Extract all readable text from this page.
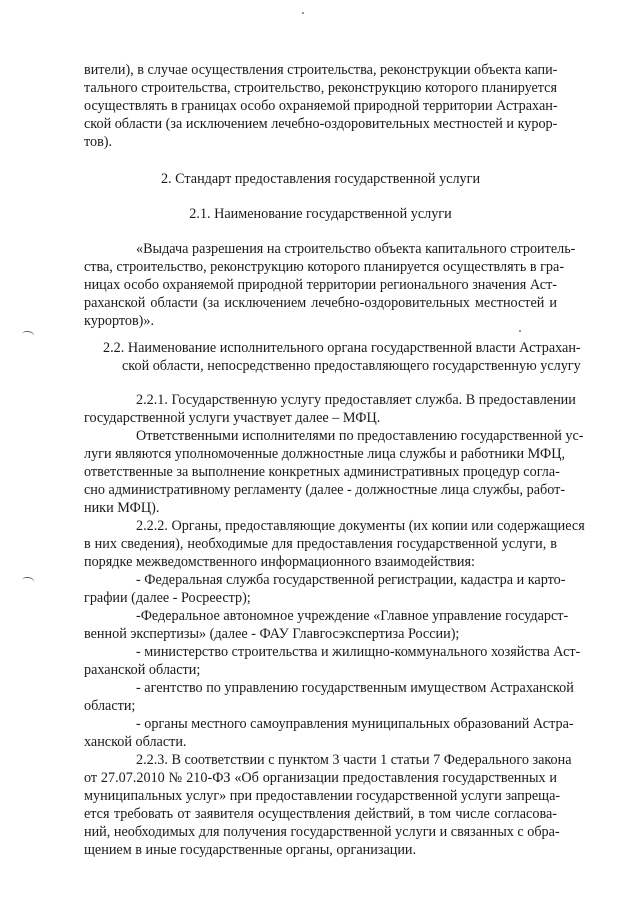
вители), в случае осуществления строительства, реконструкции объекта капи-
тального строительства, строительство, реконструкцию которого планируется
осуществлять в границах особо охраняемой природной территории Астрахан-
ской области (за исключением лечебно-оздоровительных местностей и курор-
тов).
2. Стандарт предоставления государственной услуги
2.1. Наименование государственной услуги
«Выдача разрешения на строительство объекта капитального строитель-
ства, строительство, реконструкцию которого планируется осуществлять в гра-
ницах особо охраняемой природной территории регионального значения Аст-
раханской области (за исключением лечебно-оздоровительных местностей и
курортов)».
2.2. Наименование исполнительного органа государственной власти Астрахан-
ской области, непосредственно предоставляющего государственную услугу
2.2.1. Государственную услугу предоставляет служба. В предоставлении
государственной услуги участвует далее – МФЦ.
Ответственными исполнителями по предоставлению государственной ус-
луги являются уполномоченные должностные лица службы и работники МФЦ,
ответственные за выполнение конкретных административных процедур согла-
сно административному регламенту (далее - должностные лица службы, работ-
ники МФЦ).
2.2.2. Органы, предоставляющие документы (их копии или содержащиеся
в них сведения), необходимые для предоставления государственной услуги, в
порядке межведомственного информационного взаимодействия:
- Федеральная служба государственной регистрации, кадастра и карто-
графии (далее - Росреестр);
-Федеральное автономное учреждение «Главное управление государст-
венной экспертизы» (далее - ФАУ Главгосэкспертиза России);
- министерство строительства и жилищно-коммунального хозяйства Аст-
раханской области;
- агентство по управлению государственным имуществом Астраханской
области;
- органы местного самоуправления муниципальных образований Астра-
ханской области.
2.2.3. В соответствии с пунктом 3 части 1 статьи 7 Федерального закона
от 27.07.2010 № 210-ФЗ «Об организации предоставления государственных и
муниципальных услуг» при предоставлении государственной услуги запреща-
ется требовать от заявителя осуществления действий, в том числе согласова-
ний, необходимых для получения государственной услуги и связанных с обра-
щением в иные государственные органы, организации.
